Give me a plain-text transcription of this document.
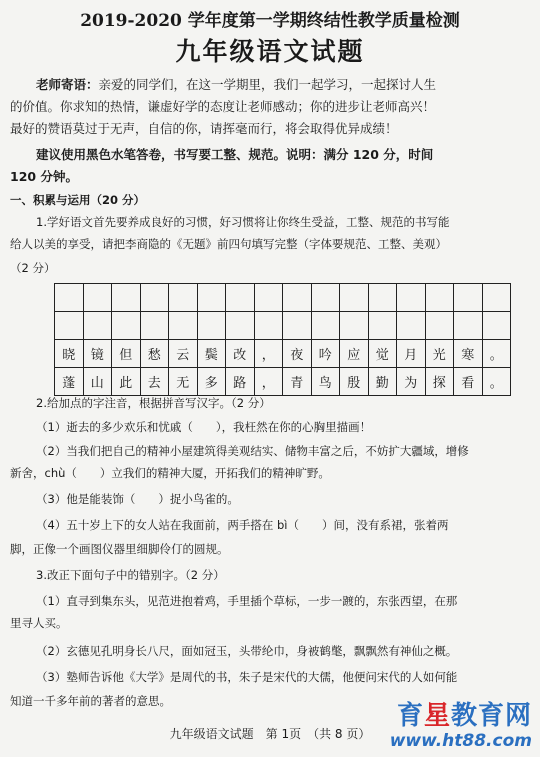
2019-2020 学年度第一学期终结性教学质量检测
九年级语文试题
老师寄语：亲爱的同学们，在这一学期里，我们一起学习，一起探讨人生
的价值。你求知的热情，谦虚好学的态度让老师感动；你的进步让老师高兴！
最好的赞语莫过于无声，自信的你，请挥毫而行，将会取得优异成绩！
建议使用黑色水笔答卷，书写要工整、规范。说明：满分 120 分，时间
120 分钟。
一、积累与运用（20 分）
1.学好语文首先要养成良好的习惯，好习惯将让你终生受益，工整、规范的书写能
给人以美的享受，请把李商隐的《无题》前四句填写完整（字体要规范、工整、美观）
（2 分）

晓	镜	但	愁	云	鬓	改	，	夜	吟	应	觉	月	光	寒	。
蓬	山	此	去	无	多	路	，	青	鸟	殷	勤	为	探	看	。
2.给加点的字注音，根据拼音写汉字。（2 分）
（1）逝去的多少欢乐和忧戚（　　），我枉然在你的心胸里描画！
（2）当我们把自己的精神小屋建筑得美观结实、储物丰富之后，不妨扩大疆域，增修
新舍，chù（　　）立我们的精神大厦，开拓我们的精神旷野。
（3）他是能装饰（　　）捉小鸟雀的。
（4）五十岁上下的女人站在我面前，两手搭在 bì（　　）间，没有系裙，张着两
脚，正像一个画图仪器里细脚伶仃的圆规。
3.改正下面句子中的错别字。（2 分）
（1）直寻到集东头，见范进抱着鸡，手里插个草标，一步一踱的，东张西望，在那
里寻人买。
（2）玄德见孔明身长八尺，面如冠玉，头带纶巾，身被鹤氅，飘飘然有神仙之概。
（3）塾师告诉他《大学》是周代的书，朱子是宋代的大儒，他便问宋代的人如何能
知道一千多年前的著者的意思。
九年级语文试题　第 1页　（共 8 页）
育星教育网
www.ht88.com
